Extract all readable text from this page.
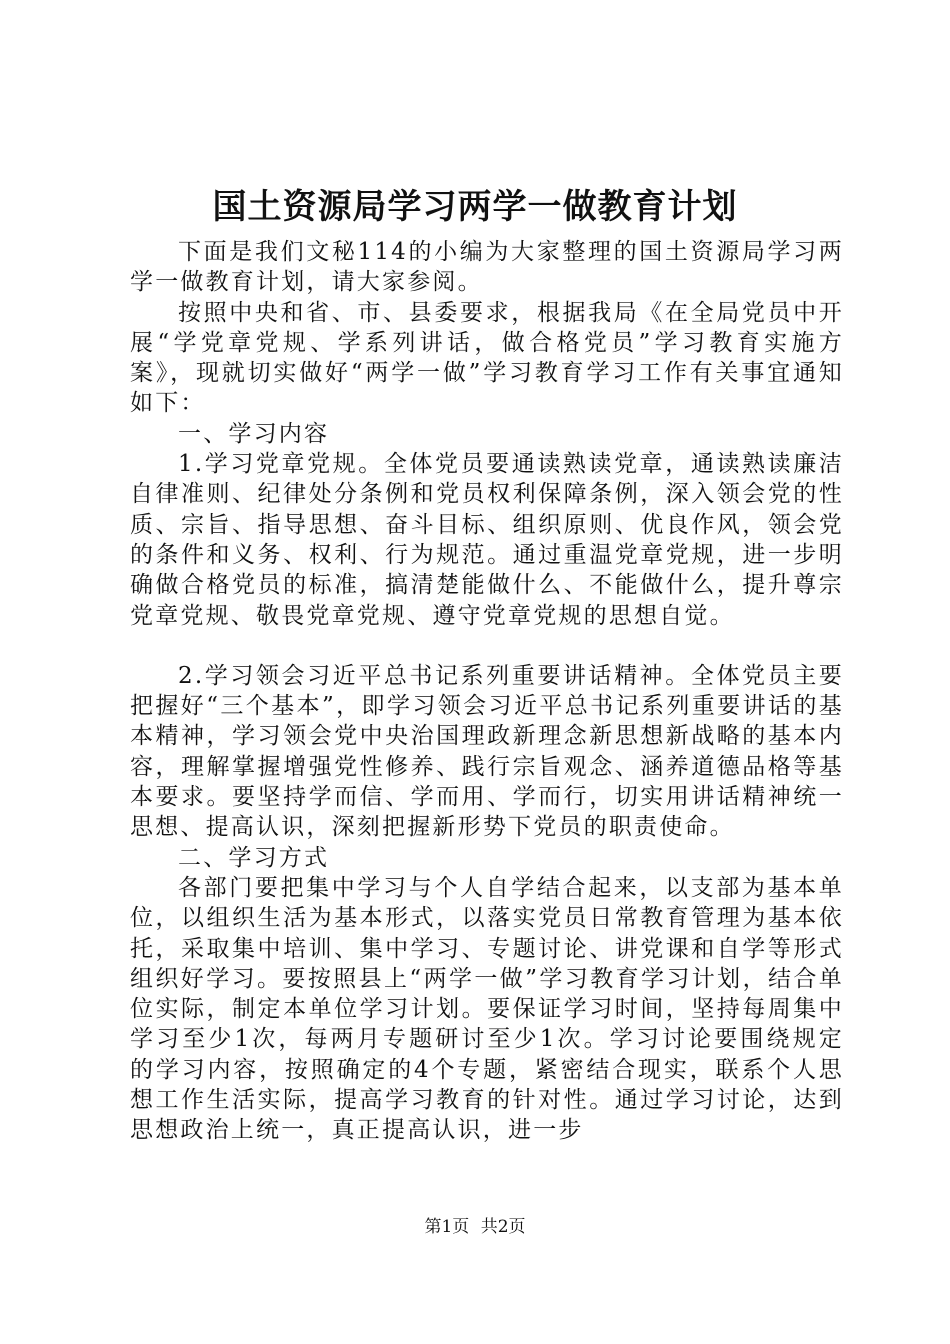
国土资源局学习两学一做教育计划

下面是我们文秘114的小编为大家整理的国土资源局学习两学一做教育计划，请大家参阅。

按照中央和省、市、县委要求，根据我局《在全局党员中开展“学党章党规、学系列讲话，做合格党员”学习教育实施方案》，现就切实做好“两学一做”学习教育学习工作有关事宜通知如下：

一、学习内容

1.学习党章党规。全体党员要通读熟读党章，通读熟读廉洁自律准则、纪律处分条例和党员权利保障条例，深入领会党的性质、宗旨、指导思想、奋斗目标、组织原则、优良作风，领会党的条件和义务、权利、行为规范。通过重温党章党规，进一步明确做合格党员的标准，搞清楚能做什么、不能做什么，提升尊宗党章党规、敬畏党章党规、遵守党章党规的思想自觉。

2.学习领会习近平总书记系列重要讲话精神。全体党员主要把握好“三个基本”，即学习领会习近平总书记系列重要讲话的基本精神，学习领会党中央治国理政新理念新思想新战略的基本内容，理解掌握增强党性修养、践行宗旨观念、涵养道德品格等基本要求。要坚持学而信、学而用、学而行，切实用讲话精神统一思想、提高认识，深刻把握新形势下党员的职责使命。

二、学习方式

各部门要把集中学习与个人自学结合起来，以支部为基本单位，以组织生活为基本形式，以落实党员日常教育管理为基本依托，采取集中培训、集中学习、专题讨论、讲党课和自学等形式组织好学习。要按照县上“两学一做”学习教育学习计划，结合单位实际，制定本单位学习计划。要保证学习时间，坚持每周集中学习至少1次，每两月专题研讨至少1次。学习讨论要围绕规定的学习内容，按照确定的4个专题，紧密结合现实，联系个人思想工作生活实际，提高学习教育的针对性。通过学习讨论，达到思想政治上统一，真正提高认识，进一步

第1页 共2页
